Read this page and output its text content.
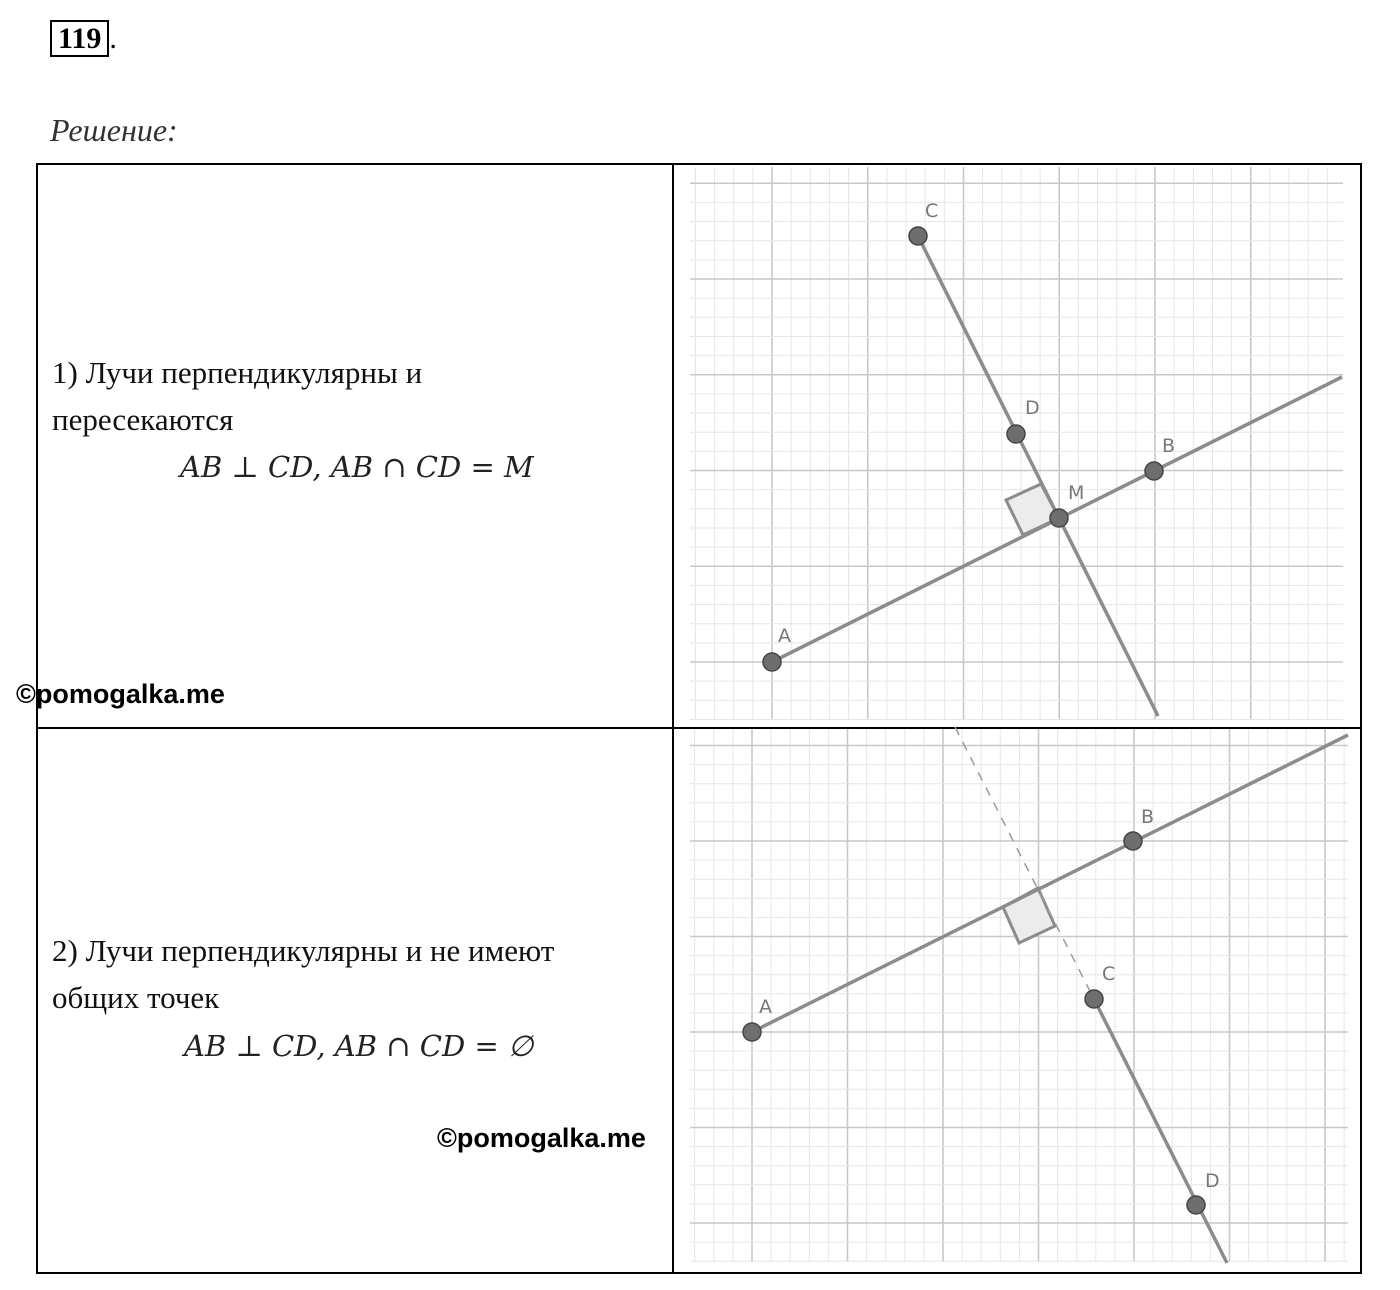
119 .
Решение:
1) Лучи перпендикулярны и
пересекаются
AB ⊥ CD, AB ∩ CD = M
2) Лучи перпендикулярны и не имеют
общих точек
AB ⊥ CD, AB ∩ CD = ∅
©pomogalka.me
©pomogalka.me
A
B
C
D
M
A
B
C
D
